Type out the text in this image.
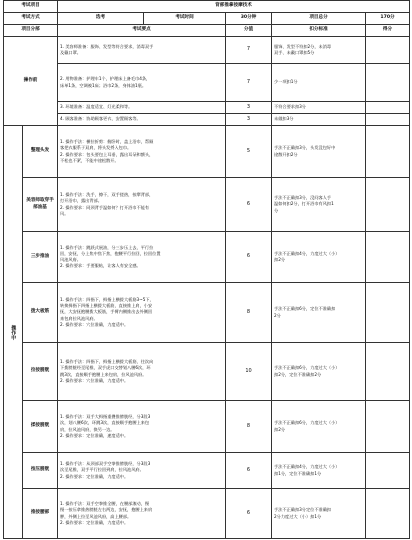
考试项目		背部推拿按摩技术				
考试方式		选考	考试时间	30分钟	项目总分	170分
项目分部		考试要点		分值	扣分标准	得分
操作前		1. 美容师准备：服饰、发型等符合要求，消毒双手
及戴口罩。		7	服饰、发型不符扣2分，未消毒
双手、未戴口罩扣5分	

		2. 用物准备：护理车1个，护理床上备毛巾4条，
床单1条，空调被1床；浴巾2条，身体油1瓶。		7	少一项扣1分	

		3. 环境准备：温度适宜、灯光柔和等。		3	不符合要求扣3分	

		4. 顾客准备：协助顾客更衣、安置顾客等。		3	未做扣3分	

操作中	整理头发	1. 操作手法：横拉折剪：俯卧时，盖上浴巾，帮顾
客把衣服系于双肩，将头发捋入包巾。
2. 操作要求：包头要包上耳垂，露出耳朵和额头，
不松也不紧，不能中途松散开。		5	手法不正确扣3分，头发没包好中
途散开扣2分	

	美容师取穿手部油基	1. 操作手法：洗手，擦干，双手搓热，按摩背部，
打开浴巾，露出背部。
2. 操作要求：同颈背手温如何？打开浴巾不能有
风。		6	手法不正确扣3分，没问客人手
温如何扣2分，打开浴巾有风扣1
分	

	三步推油	1. 操作手法：跳跃式展油，分三步压上去，平行拉
回，安抚，分上焦中焦下焦，抱腰平行拉回，拉回位置
风池风府。
2. 操作要求：手要服帖，让客人有安全感。		6	手法不正确扣4分，力度过大（小）
扣2分	

	拨大板筋	1. 操作手法：四指下，拇指上横拨大板筋3~5下，
转换拇指下四指上横拨大板筋，直接推上肩，小安
抚，大安抚抱腰拨大板筋，手臂内侧推出去外侧回
来包肩拉风池风府。
2. 操作要求：穴位准确，力度适中。		8	手法不正确扣6分，定位不准确扣
2分	

	拉按膀胱	1. 操作手法：四指下，拇指上横拨大板筋，往次向
下拨膀胱经至尾椎，双手虎口交替划八腰6次，环
跳3次，直接顺手抱腰上来包肩，拉风池风府。
2. 操作要求：穴位准确，力度适中。		10	手法不正确扣6分，力度过大（小）
扣2分，定位不准确扣2分	

	揉按膀胱	1. 操作手法：双手大拇指重叠推膀胱经，分3段3
次，划八腰6次，环跳3次，直接顺手抱腰上来包
肩，拉风池风府，换另一边。
2. 操作要求：定位准确，速度适中。		8	手法不正确扣6分，力度过大（小）
扣2分	

	按压膀胱	1. 操作手法：从颈部双手空拳推膀胱经，分3段3
次至尾椎，双手平行拉回到肩，拉风池风府。
2. 操作要求：定位准确，力度适中。		6	手法不正确扣4分，力度过大（小）
扣1分，定位不准确扣1分	

	推按腰部	1. 操作手法：双手空拳推全腰，在腰部滚动，慢
慢一按压拿推热膀胱左右两边，安抚，抱腰上来肩
胛，外侧上拉至风池风府，高上腰部。
2. 操作要求：定位准确，力度适中。		6	手法不正确扣3分定位不准确扣
2分力度过大（小）扣1分	
